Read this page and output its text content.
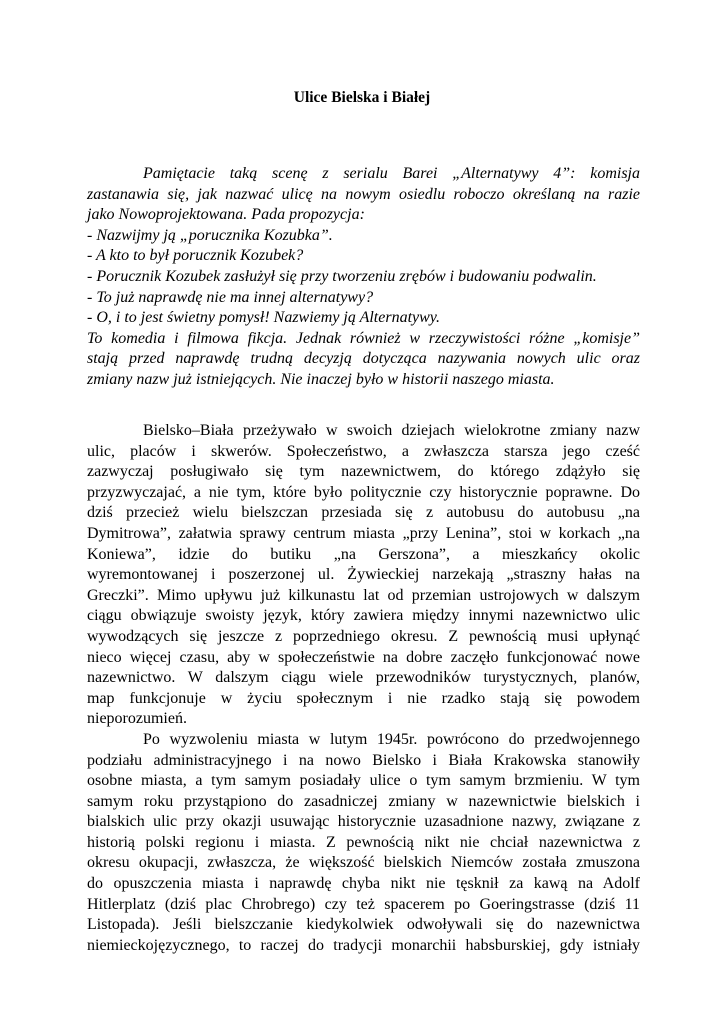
Ulice Bielska i Białej
Pamiętacie taką scenę z serialu Barei „Alternatywy 4”: komisja
zastanawia się, jak nazwać ulicę na nowym osiedlu roboczo określaną na razie
jako Nowoprojektowana. Pada propozycja:
- Nazwijmy ją „porucznika Kozubka”.
- A kto to był porucznik Kozubek?
- Porucznik Kozubek zasłużył się przy tworzeniu zrębów i budowaniu podwalin.
- To już naprawdę nie ma innej alternatywy?
- O, i to jest świetny pomysł! Nazwiemy ją Alternatywy.
To komedia i filmowa fikcja. Jednak również w rzeczywistości różne „komisje”
stają przed naprawdę trudną decyzją dotycząca nazywania nowych ulic oraz
zmiany nazw już istniejących. Nie inaczej było w historii naszego miasta.
Bielsko–Biała przeżywało w swoich dziejach wielokrotne zmiany nazw
ulic, placów i skwerów. Społeczeństwo, a zwłaszcza starsza jego cześć
zazwyczaj posługiwało się tym nazewnictwem, do którego zdążyło się
przyzwyczajać, a nie tym, które było politycznie czy historycznie poprawne. Do
dziś przecież wielu bielszczan przesiada się z autobusu do autobusu „na
Dymitrowa”, załatwia sprawy centrum miasta „przy Lenina”, stoi w korkach „na
Koniewa”, idzie do butiku „na Gerszona”, a mieszkańcy okolic
wyremontowanej i poszerzonej ul. Żywieckiej narzekają „straszny hałas na
Greczki”. Mimo upływu już kilkunastu lat od przemian ustrojowych w dalszym
ciągu obwiązuje swoisty język, który zawiera między innymi nazewnictwo ulic
wywodzących się jeszcze z poprzedniego okresu. Z pewnością musi upłynąć
nieco więcej czasu, aby w społeczeństwie na dobre zaczęło funkcjonować nowe
nazewnictwo. W dalszym ciągu wiele przewodników turystycznych, planów,
map funkcjonuje w życiu społecznym i nie rzadko stają się powodem
nieporozumień.
Po wyzwoleniu miasta w lutym 1945r. powrócono do przedwojennego
podziału administracyjnego i na nowo Bielsko i Biała Krakowska stanowiły
osobne miasta, a tym samym posiadały ulice o tym samym brzmieniu. W tym
samym roku przystąpiono do zasadniczej zmiany w nazewnictwie bielskich i
bialskich ulic przy okazji usuwając historycznie uzasadnione nazwy, związane z
historią polski regionu i miasta. Z pewnością nikt nie chciał nazewnictwa z
okresu okupacji, zwłaszcza, że większość bielskich Niemców została zmuszona
do opuszczenia miasta i naprawdę chyba nikt nie tęsknił za kawą na Adolf
Hitlerplatz (dziś plac Chrobrego) czy też spacerem po Goeringstrasse (dziś 11
Listopada). Jeśli bielszczanie kiedykolwiek odwoływali się do nazewnictwa
niemieckojęzycznego, to raczej do tradycji monarchii habsburskiej, gdy istniały
